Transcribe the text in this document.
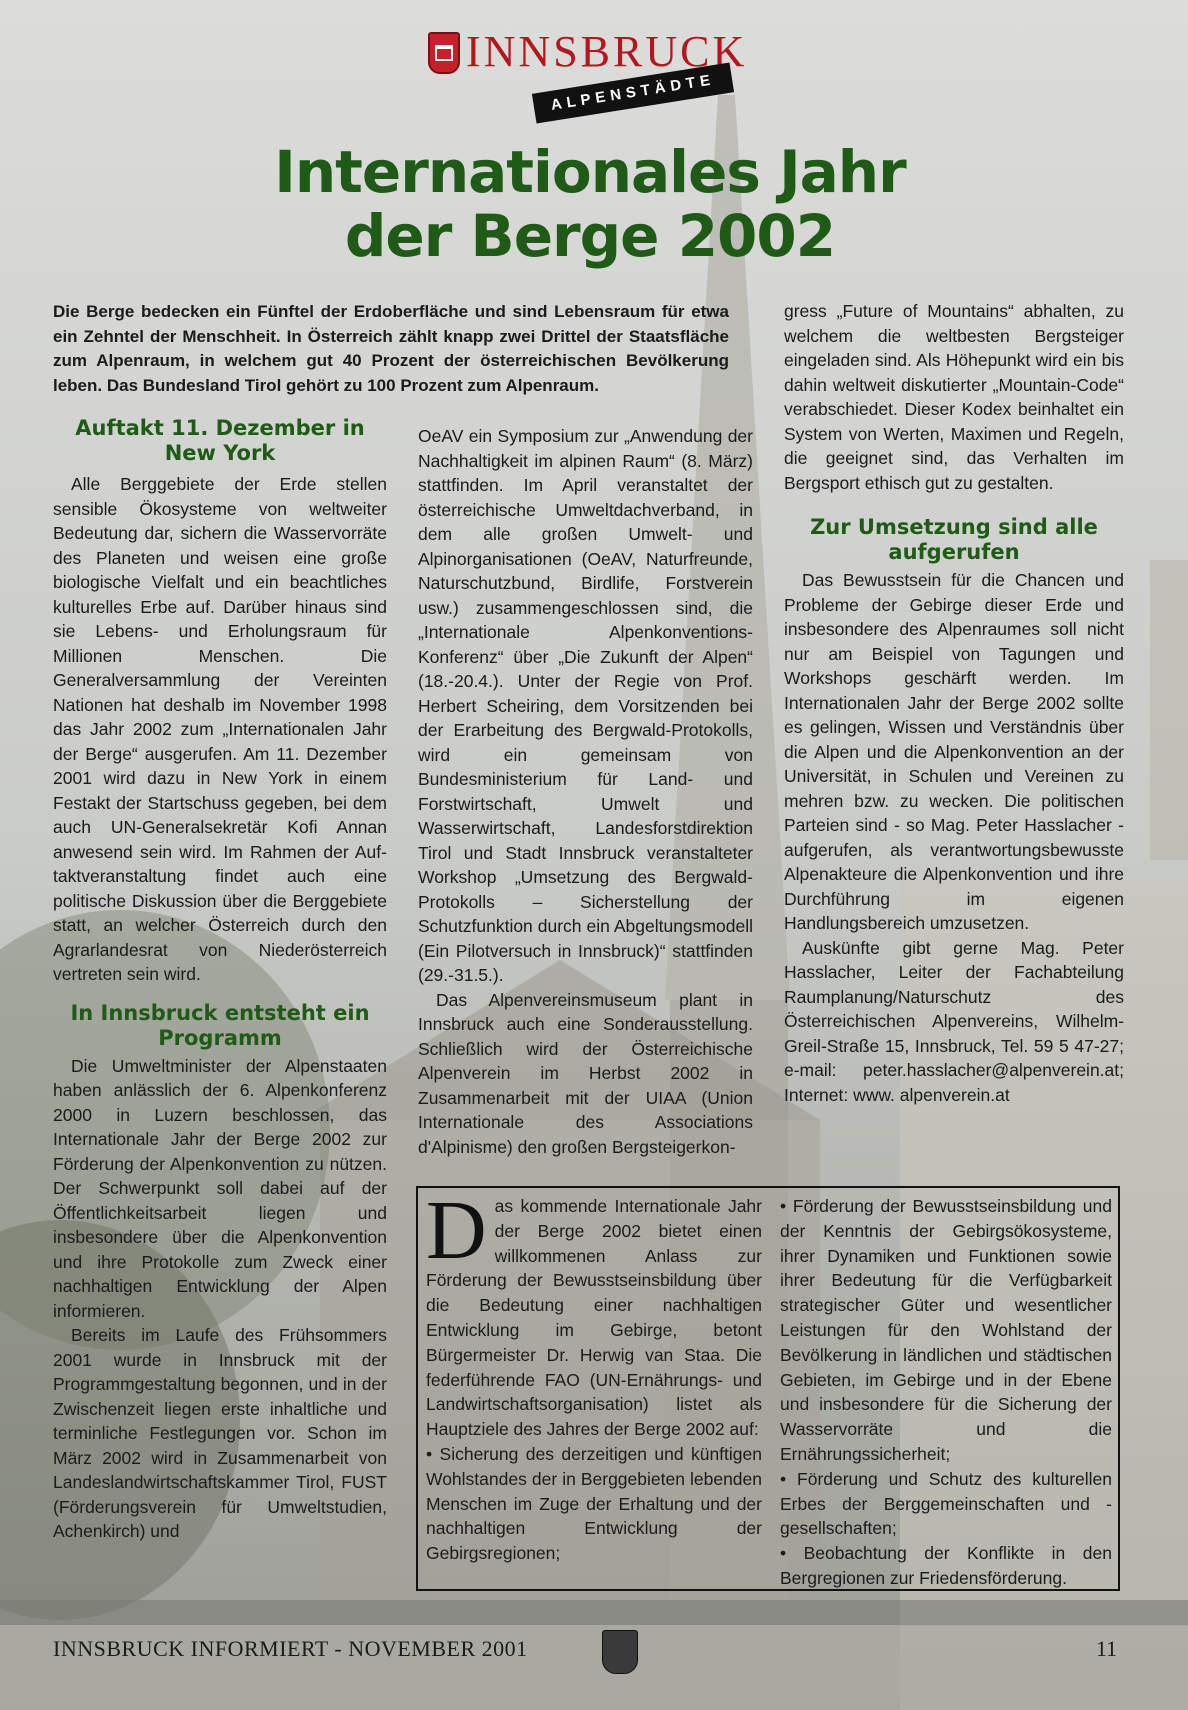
INNSBRUCK
ALPENSTÄDTE
Internationales Jahr
der Berge 2002

Die Berge bedecken ein Fünftel der Erdoberfläche und sind Lebensraum für etwa ein Zehntel der Menschheit. In Österreich zählt knapp zwei Drittel der Staatsfläche zum Alpenraum, in welchem gut 40 Prozent der österreichischen Bevölkerung leben. Das Bundesland Tirol gehört zu 100 Prozent zum Alpenraum.

Auftakt 11. Dezember in New York

Alle Berggebiete der Erde stellen sensible Ökosysteme von weltweiter Bedeutung dar, sichern die Wasservorräte des Planeten und weisen eine große biologische Vielfalt und ein beachtliches kulturelles Erbe auf. Darüber hinaus sind sie Lebens- und Erholungsraum für Millionen Menschen. Die Generalversammlung der Vereinten Nationen hat deshalb im November 1998 das Jahr 2002 zum „Internationalen Jahr der Berge“ ausgerufen. Am 11. Dezember 2001 wird dazu in New York in einem Festakt der Startschuss gegeben, bei dem auch UN-Generalsekretär Kofi Annan anwesend sein wird. Im Rahmen der Auf-taktveranstaltung findet auch eine politische Diskussion über die Berggebiete statt, an welcher Österreich durch den Agrarlandesrat von Niederösterreich vertreten sein wird.

In Innsbruck entsteht ein Programm

Die Umweltminister der Alpenstaaten haben anlässlich der 6. Alpenkonferenz 2000 in Luzern beschlossen, das Internationale Jahr der Berge 2002 zur Förderung der Alpenkonvention zu nützen. Der Schwerpunkt soll dabei auf der Öffentlichkeitsarbeit liegen und insbesondere über die Alpenkonvention und ihre Protokolle zum Zweck einer nachhaltigen Entwicklung der Alpen informieren.

Bereits im Laufe des Frühsommers 2001 wurde in Innsbruck mit der Programmgestaltung begonnen, und in der Zwischenzeit liegen erste inhaltliche und terminliche Festlegungen vor. Schon im März 2002 wird in Zusammenarbeit von Landeslandwirtschaftskammer Tirol, FUST (Förderungsverein für Umweltstudien, Achenkirch) und

OeAV ein Symposium zur „Anwendung der Nachhaltigkeit im alpinen Raum“ (8. März) stattfinden. Im April veranstaltet der österreichische Umweltdachverband, in dem alle großen Umwelt- und Alpinorganisationen (OeAV, Naturfreunde, Naturschutzbund, Birdlife, Forstverein usw.) zusammengeschlossen sind, die „Internationale Alpenkonventions-Konferenz“ über „Die Zukunft der Alpen“ (18.-20.4.). Unter der Regie von Prof. Herbert Scheiring, dem Vorsitzenden bei der Erarbeitung des Bergwald-Protokolls, wird ein gemeinsam von Bundesministerium für Land- und Forstwirtschaft, Umwelt und Wasserwirtschaft, Landesforstdirektion Tirol und Stadt Innsbruck veranstalteter Workshop „Umsetzung des Bergwald-Protokolls – Sicherstellung der Schutzfunktion durch ein Abgeltungsmodell (Ein Pilotversuch in Innsbruck)“ stattfinden (29.-31.5.).

Das Alpenvereinsmuseum plant in Innsbruck auch eine Sonderausstellung. Schließlich wird der Österreichische Alpenverein im Herbst 2002 in Zusammenarbeit mit der UIAA (Union Internationale des Associations d'Alpinisme) den großen Bergsteigerkon-

gress „Future of Mountains“ abhalten, zu welchem die weltbesten Bergsteiger eingeladen sind. Als Höhepunkt wird ein bis dahin weltweit diskutierter „Mountain-Code“ verabschiedet. Dieser Kodex beinhaltet ein System von Werten, Maximen und Regeln, die geeignet sind, das Verhalten im Bergsport ethisch gut zu gestalten.

Zur Umsetzung sind alle aufgerufen

Das Bewusstsein für die Chancen und Probleme der Gebirge dieser Erde und insbesondere des Alpenraumes soll nicht nur am Beispiel von Tagungen und Workshops geschärft werden. Im Internationalen Jahr der Berge 2002 sollte es gelingen, Wissen und Verständnis über die Alpen und die Alpenkonvention an der Universität, in Schulen und Vereinen zu mehren bzw. zu wecken. Die politischen Parteien sind - so Mag. Peter Hasslacher - aufgerufen, als verantwortungsbewusste Alpenakteure die Alpenkonvention und ihre Durchführung im eigenen Handlungsbereich umzusetzen.

Auskünfte gibt gerne Mag. Peter Hasslacher, Leiter der Fachabteilung Raumplanung/Naturschutz des Österreichischen Alpenvereins, Wilhelm-Greil-Straße 15, Innsbruck, Tel. 59 5 47-27; e-mail: peter.hasslacher@alpenverein.at; Internet: www. alpenverein.at

D as kommende Internationale Jahr der Berge 2002 bietet einen willkommenen Anlass zur Förderung der Bewusstseinsbildung über die Bedeutung einer nachhaltigen Entwicklung im Gebirge, betont Bürgermeister Dr. Herwig van Staa. Die federführende FAO (UN-Ernährungs- und Landwirtschaftsorganisation) listet als Hauptziele des Jahres der Berge 2002 auf:

• Sicherung des derzeitigen und künftigen Wohlstandes der in Berggebieten lebenden Menschen im Zuge der Erhaltung und der nachhaltigen Entwicklung der Gebirgsregionen;

• Förderung der Bewusstseinsbildung und der Kenntnis der Gebirgsökosysteme, ihrer Dynamiken und Funktionen sowie ihrer Bedeutung für die Verfügbarkeit strategischer Güter und wesentlicher Leistungen für den Wohlstand der Bevölkerung in ländlichen und städtischen Gebieten, im Gebirge und in der Ebene und insbesondere für die Sicherung der Wasservorräte und die Ernährungssicherheit;

• Förderung und Schutz des kulturellen Erbes der Berggemeinschaften und -gesellschaften;

• Beobachtung der Konflikte in den Bergregionen zur Friedensförderung.

INNSBRUCK INFORMIERT - NOVEMBER 2001	11
